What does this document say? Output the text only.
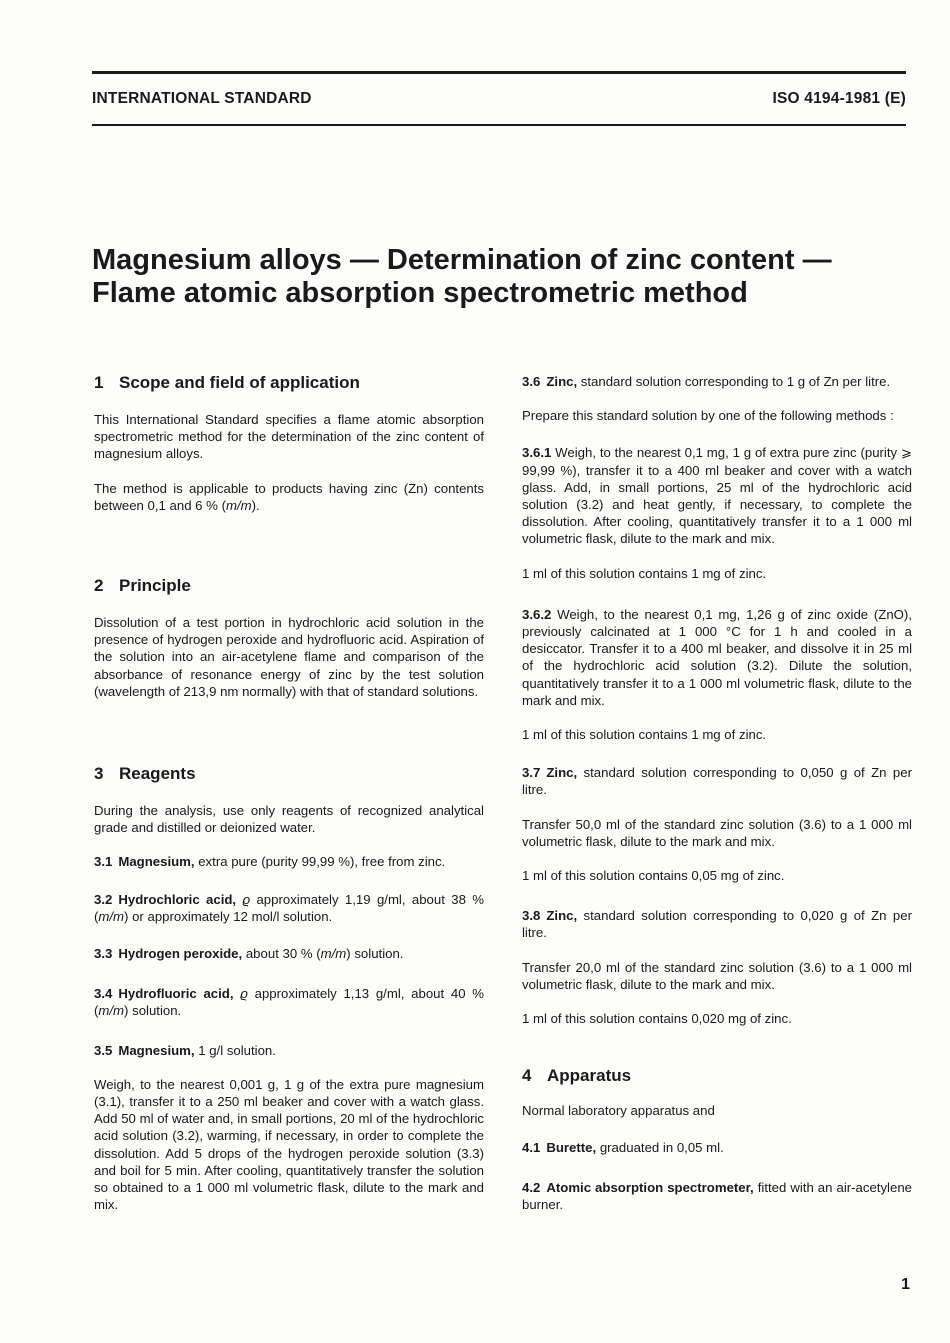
INTERNATIONAL STANDARD	ISO 4194-1981 (E)
Magnesium alloys — Determination of zinc content —
Flame atomic absorption spectrometric method
1 Scope and field of application

This International Standard specifies a flame atomic absorption spectrometric method for the determination of the zinc content of magnesium alloys.

The method is applicable to products having zinc (Zn) contents between 0,1 and 6 % (m/m).

2 Principle

Dissolution of a test portion in hydrochloric acid solution in the presence of hydrogen peroxide and hydrofluoric acid. Aspiration of the solution into an air-acetylene flame and comparison of the absorbance of resonance energy of zinc by the test solution (wavelength of 213,9 nm normally) with that of standard solutions.

3 Reagents

During the analysis, use only reagents of recognized analytical grade and distilled or deionized water.

3.1 Magnesium, extra pure (purity 99,99 %), free from zinc.

3.2 Hydrochloric acid, ϱ approximately 1,19 g/ml, about 38 % (m/m) or approximately 12 mol/l solution.

3.3 Hydrogen peroxide, about 30 % (m/m) solution.

3.4 Hydrofluoric acid, ϱ approximately 1,13 g/ml, about 40 % (m/m) solution.

3.5 Magnesium, 1 g/l solution.

Weigh, to the nearest 0,001 g, 1 g of the extra pure magnesium (3.1), transfer it to a 250 ml beaker and cover with a watch glass. Add 50 ml of water and, in small portions, 20 ml of the hydrochloric acid solution (3.2), warming, if necessary, in order to complete the dissolution. Add 5 drops of the hydrogen peroxide solution (3.3) and boil for 5 min. After cooling, quantitatively transfer the solution so obtained to a 1 000 ml volumetric flask, dilute to the mark and mix.

3.6 Zinc, standard solution corresponding to 1 g of Zn per litre.

Prepare this standard solution by one of the following methods :

3.6.1 Weigh, to the nearest 0,1 mg, 1 g of extra pure zinc (purity ⩾ 99,99 %), transfer it to a 400 ml beaker and cover with a watch glass. Add, in small portions, 25 ml of the hydrochloric acid solution (3.2) and heat gently, if necessary, to complete the dissolution. After cooling, quantitatively transfer it to a 1 000 ml volumetric flask, dilute to the mark and mix.

1 ml of this solution contains 1 mg of zinc.

3.6.2 Weigh, to the nearest 0,1 mg, 1,26 g of zinc oxide (ZnO), previously calcinated at 1 000 °C for 1 h and cooled in a desiccator. Transfer it to a 400 ml beaker, and dissolve it in 25 ml of the hydrochloric acid solution (3.2). Dilute the solution, quantitatively transfer it to a 1 000 ml volumetric flask, dilute to the mark and mix.

1 ml of this solution contains 1 mg of zinc.

3.7 Zinc, standard solution corresponding to 0,050 g of Zn per litre.

Transfer 50,0 ml of the standard zinc solution (3.6) to a 1 000 ml volumetric flask, dilute to the mark and mix.

1 ml of this solution contains 0,05 mg of zinc.

3.8 Zinc, standard solution corresponding to 0,020 g of Zn per litre.

Transfer 20,0 ml of the standard zinc solution (3.6) to a 1 000 ml volumetric flask, dilute to the mark and mix.

1 ml of this solution contains 0,020 mg of zinc.

4 Apparatus

Normal laboratory apparatus and

4.1 Burette, graduated in 0,05 ml.

4.2 Atomic absorption spectrometer, fitted with an air-acetylene burner.

1
